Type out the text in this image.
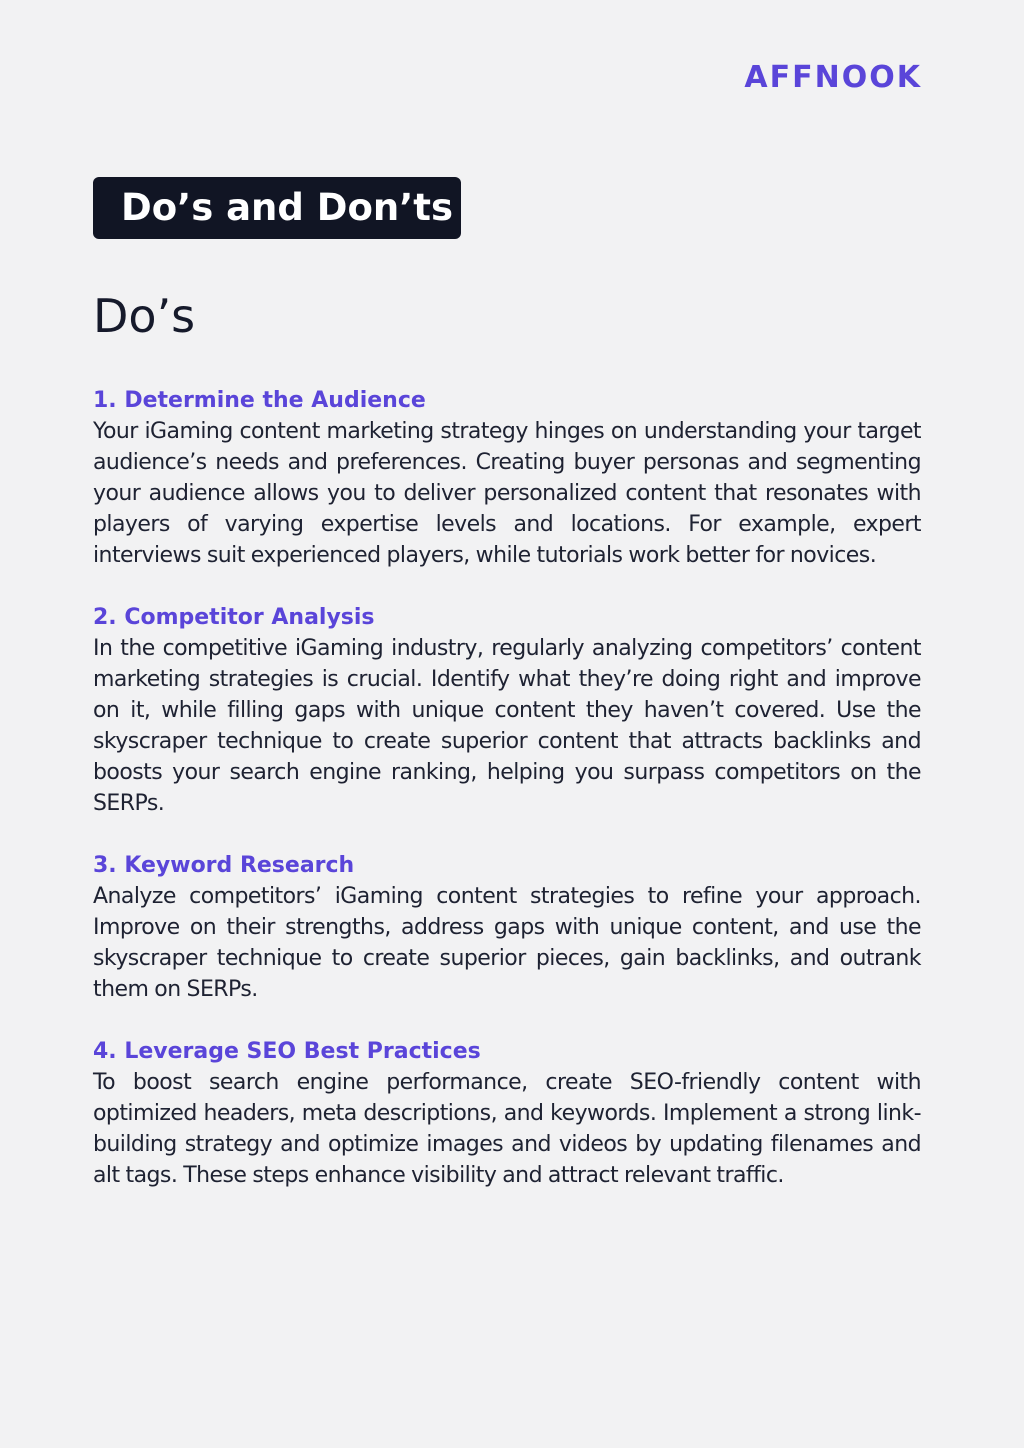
AFFNOOK
Do’s and Don’ts
Do’s

1. Determine the Audience

Your iGaming content marketing strategy hinges on understanding your target audience’s needs and preferences. Creating buyer personas and segmenting your audience allows you to deliver personalized content that resonates with players of varying expertise levels and locations. For example, expert interviews suit experienced players, while tutorials work better for novices.

2. Competitor Analysis

In the competitive iGaming industry, regularly analyzing competitors’ content marketing strategies is crucial. Identify what they’re doing right and improve on it, while filling gaps with unique content they haven’t covered. Use the skyscraper technique to create superior content that attracts backlinks and boosts your search engine ranking, helping you surpass competitors on the SERPs.

3. Keyword Research

Analyze competitors’ iGaming content strategies to refine your approach. Improve on their strengths, address gaps with unique content, and use the skyscraper technique to create superior pieces, gain backlinks, and outrank them on SERPs.

4. Leverage SEO Best Practices

To boost search engine performance, create SEO-friendly content with optimized headers, meta descriptions, and keywords. Implement a strong link-building strategy and optimize images and videos by updating filenames and alt tags. These steps enhance visibility and attract relevant traffic.
